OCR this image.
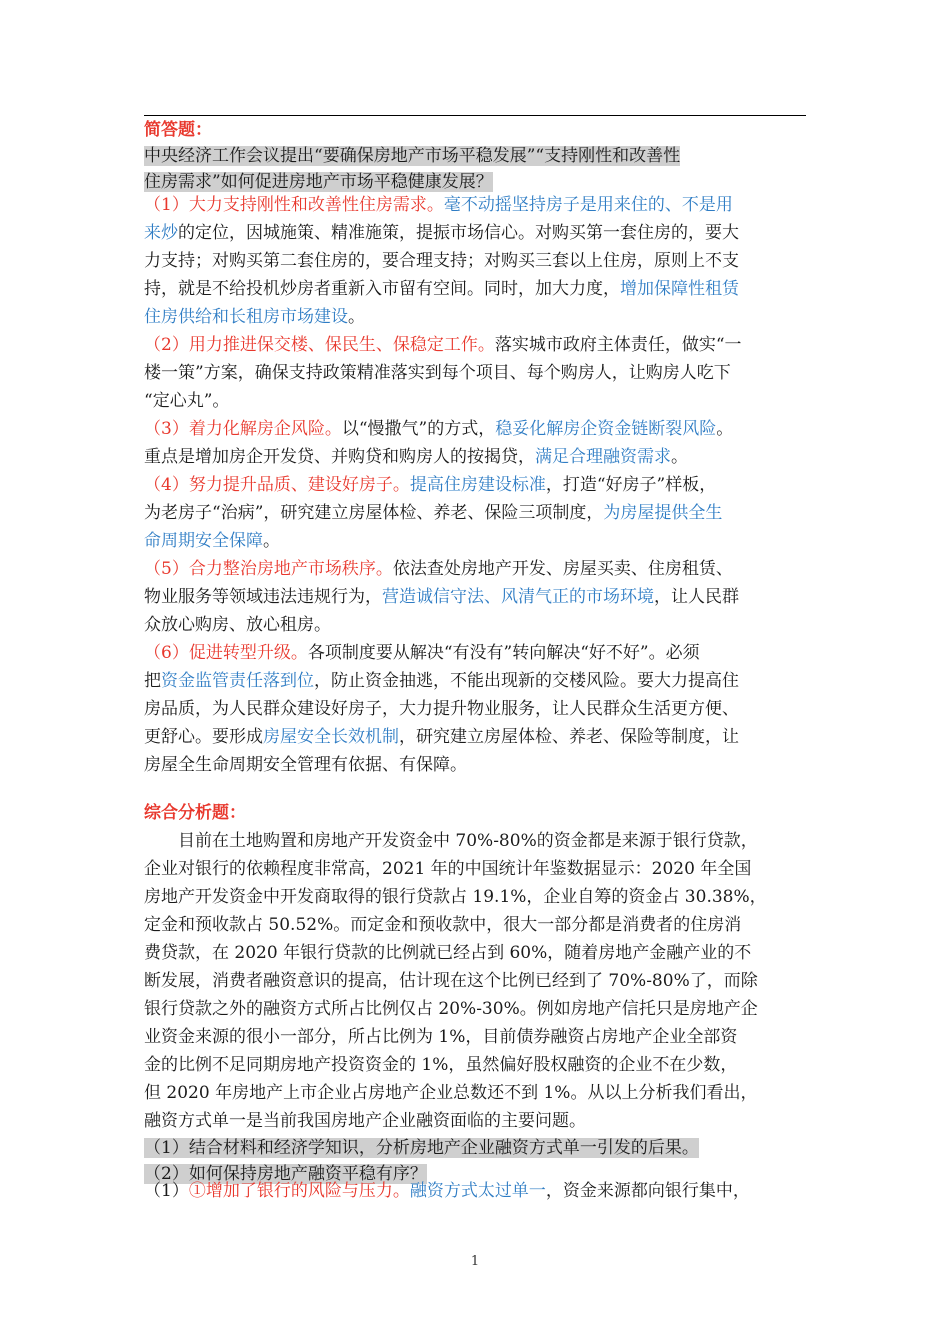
简答题：
中央经济工作会议提出“要确保房地产市场平稳发展”“支持刚性和改善性
住房需求”如何促进房地产市场平稳健康发展？
（1）大力支持刚性和改善性住房需求。毫不动摇坚持房子是用来住的、不是用
来炒的定位，因城施策、精准施策，提振市场信心。对购买第一套住房的，要大
力支持；对购买第二套住房的，要合理支持；对购买三套以上住房，原则上不支
持，就是不给投机炒房者重新入市留有空间。同时，加大力度，增加保障性租赁
住房供给和长租房市场建设。
（2）用力推进保交楼、保民生、保稳定工作。落实城市政府主体责任，做实“一
楼一策”方案，确保支持政策精准落实到每个项目、每个购房人，让购房人吃下
“定心丸”。
（3）着力化解房企风险。以“慢撒气”的方式，稳妥化解房企资金链断裂风险。
重点是增加房企开发贷、并购贷和购房人的按揭贷，满足合理融资需求。
（4）努力提升品质、建设好房子。提高住房建设标准，打造“好房子”样板，
为老房子“治病”，研究建立房屋体检、养老、保险三项制度，为房屋提供全生
命周期安全保障。
（5）合力整治房地产市场秩序。依法查处房地产开发、房屋买卖、住房租赁、
物业服务等领域违法违规行为，营造诚信守法、风清气正的市场环境，让人民群
众放心购房、放心租房。
（6）促进转型升级。各项制度要从解决“有没有”转向解决“好不好”。必须
把资金监管责任落到位，防止资金抽逃，不能出现新的交楼风险。要大力提高住
房品质，为人民群众建设好房子，大力提升物业服务，让人民群众生活更方便、
更舒心。要形成房屋安全长效机制，研究建立房屋体检、养老、保险等制度，让
房屋全生命周期安全管理有依据、有保障。
综合分析题：
目前在土地购置和房地产开发资金中 70%-80%的资金都是来源于银行贷款，
企业对银行的依赖程度非常高，2021 年的中国统计年鉴数据显示：2020 年全国
房地产开发资金中开发商取得的银行贷款占 19.1%，企业自筹的资金占 30.38%，
定金和预收款占 50.52%。而定金和预收款中，很大一部分都是消费者的住房消
费贷款，在 2020 年银行贷款的比例就已经占到 60%，随着房地产金融产业的不
断发展，消费者融资意识的提高，估计现在这个比例已经到了 70%-80%了，而除
银行贷款之外的融资方式所占比例仅占 20%-30%。例如房地产信托只是房地产企
业资金来源的很小一部分，所占比例为 1%，目前债券融资占房地产企业全部资
金的比例不足同期房地产投资资金的 1%，虽然偏好股权融资的企业不在少数，
但 2020 年房地产上市企业占房地产企业总数还不到 1%。从以上分析我们看出，
融资方式单一是当前我国房地产企业融资面临的主要问题。
（1）结合材料和经济学知识，分析房地产企业融资方式单一引发的后果。
（2）如何保持房地产融资平稳有序？
（1）①增加了银行的风险与压力。融资方式太过单一，资金来源都向银行集中，
1
